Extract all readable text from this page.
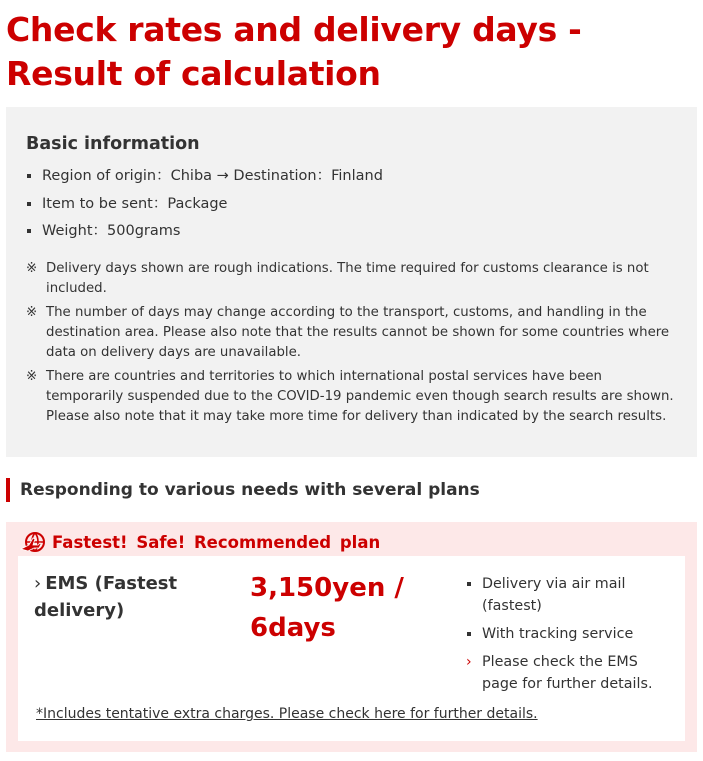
Check rates and delivery days - Result of calculation
Basic information
Region of origin：Chiba → Destination：Finland
Item to be sent：Package
Weight：500grams
※ Delivery days shown are rough indications. The time required for customs clearance is not included.
※ The number of days may change according to the transport, customs, and handling in the destination area. Please also note that the results cannot be shown for some countries where data on delivery days are unavailable.
※ There are countries and territories to which international postal services have been temporarily suspended due to the COVID-19 pandemic even though search results are shown. Please also note that it may take more time for delivery than indicated by the search results.
Responding to various needs with several plans
Fastest! Safe! Recommended plan
› EMS (Fastest delivery)
3,150yen / 6days
Delivery via air mail (fastest)
With tracking service
› Please check the EMS page for further details.
*Includes tentative extra charges. Please check here for further details.
